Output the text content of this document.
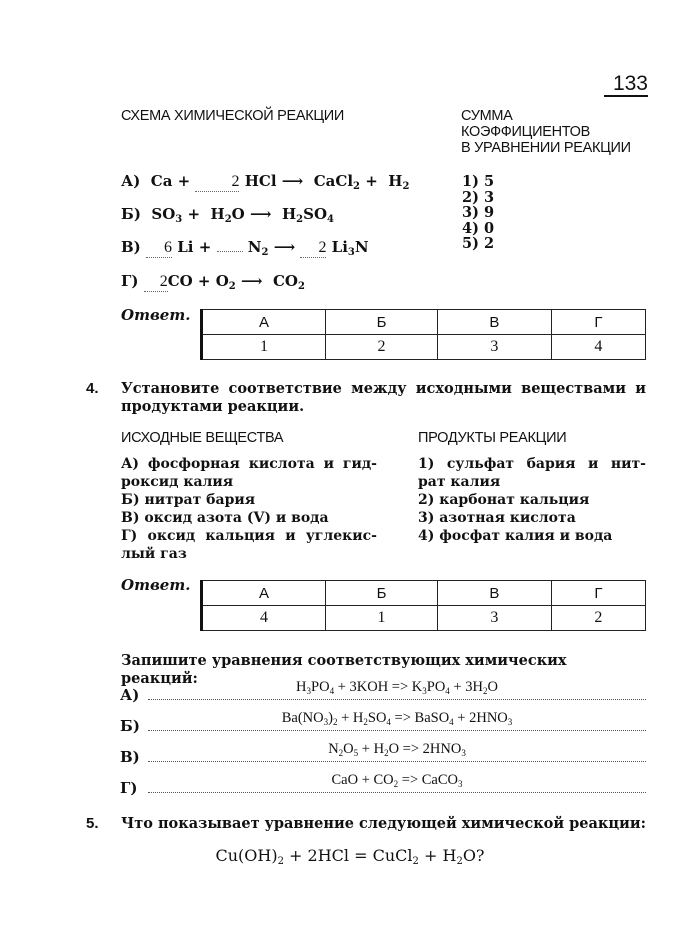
133
СХЕМА ХИМИЧЕСКОЙ РЕАКЦИИ	СУММА
КОЭФФИЦИЕНТОВ
В УРАВНЕНИИ РЕАКЦИИ
А) Ca +	2 HCl ⟶ CaCl$_2$ + $H_2$
Б) $SO_3 + H_2O$ ⟶ $H_2SO_4$
В) 6 $Li + N_2$ ⟶ 2 $Li_3N$
Г) $2CO + O_2$ ⟶ $CO_2$
1) 5
2) 3
3) 9
4) 0
5) 2
Ответ.	А	Б	В	Г
1	2	3	4
4. Установите соответствие между исходными веществами и
продуктами реакции.
ИСХОДНЫЕ ВЕЩЕСТВА	ПРОДУКТЫ РЕАКЦИИ
А) фосфорная кислота и гид-
роксид калия
Б) нитрат бария
В) оксид азота (V) и вода
Г) оксид кальция и углекис-
лый газ
1) сульфат бария и нит-
рат калия
2) карбонат кальция
3) азотная кислота
4) фосфат калия и вода
Ответ.	А	Б	В	Г
4	1	3	2
Запишите уравнения соответствующих химических реакций:
А)	$H_3PO_4 + 3KOH => K_3PO_4 + 3H_2O$
Б)	$Ba(NO_3)_2 + H_2SO_4$ => BaSO$_4$ + $2HNO_3$
В)	$N_2O_5 + H_2O => 2HNO_3$
Г)	CaO + $CO_2$ => CaCO$_3$
5. Что показывает уравнение следующей химической реакции:
$Cu(OH)_2 + 2HCl$ = CuCl$_2$ + $H_2O$?
